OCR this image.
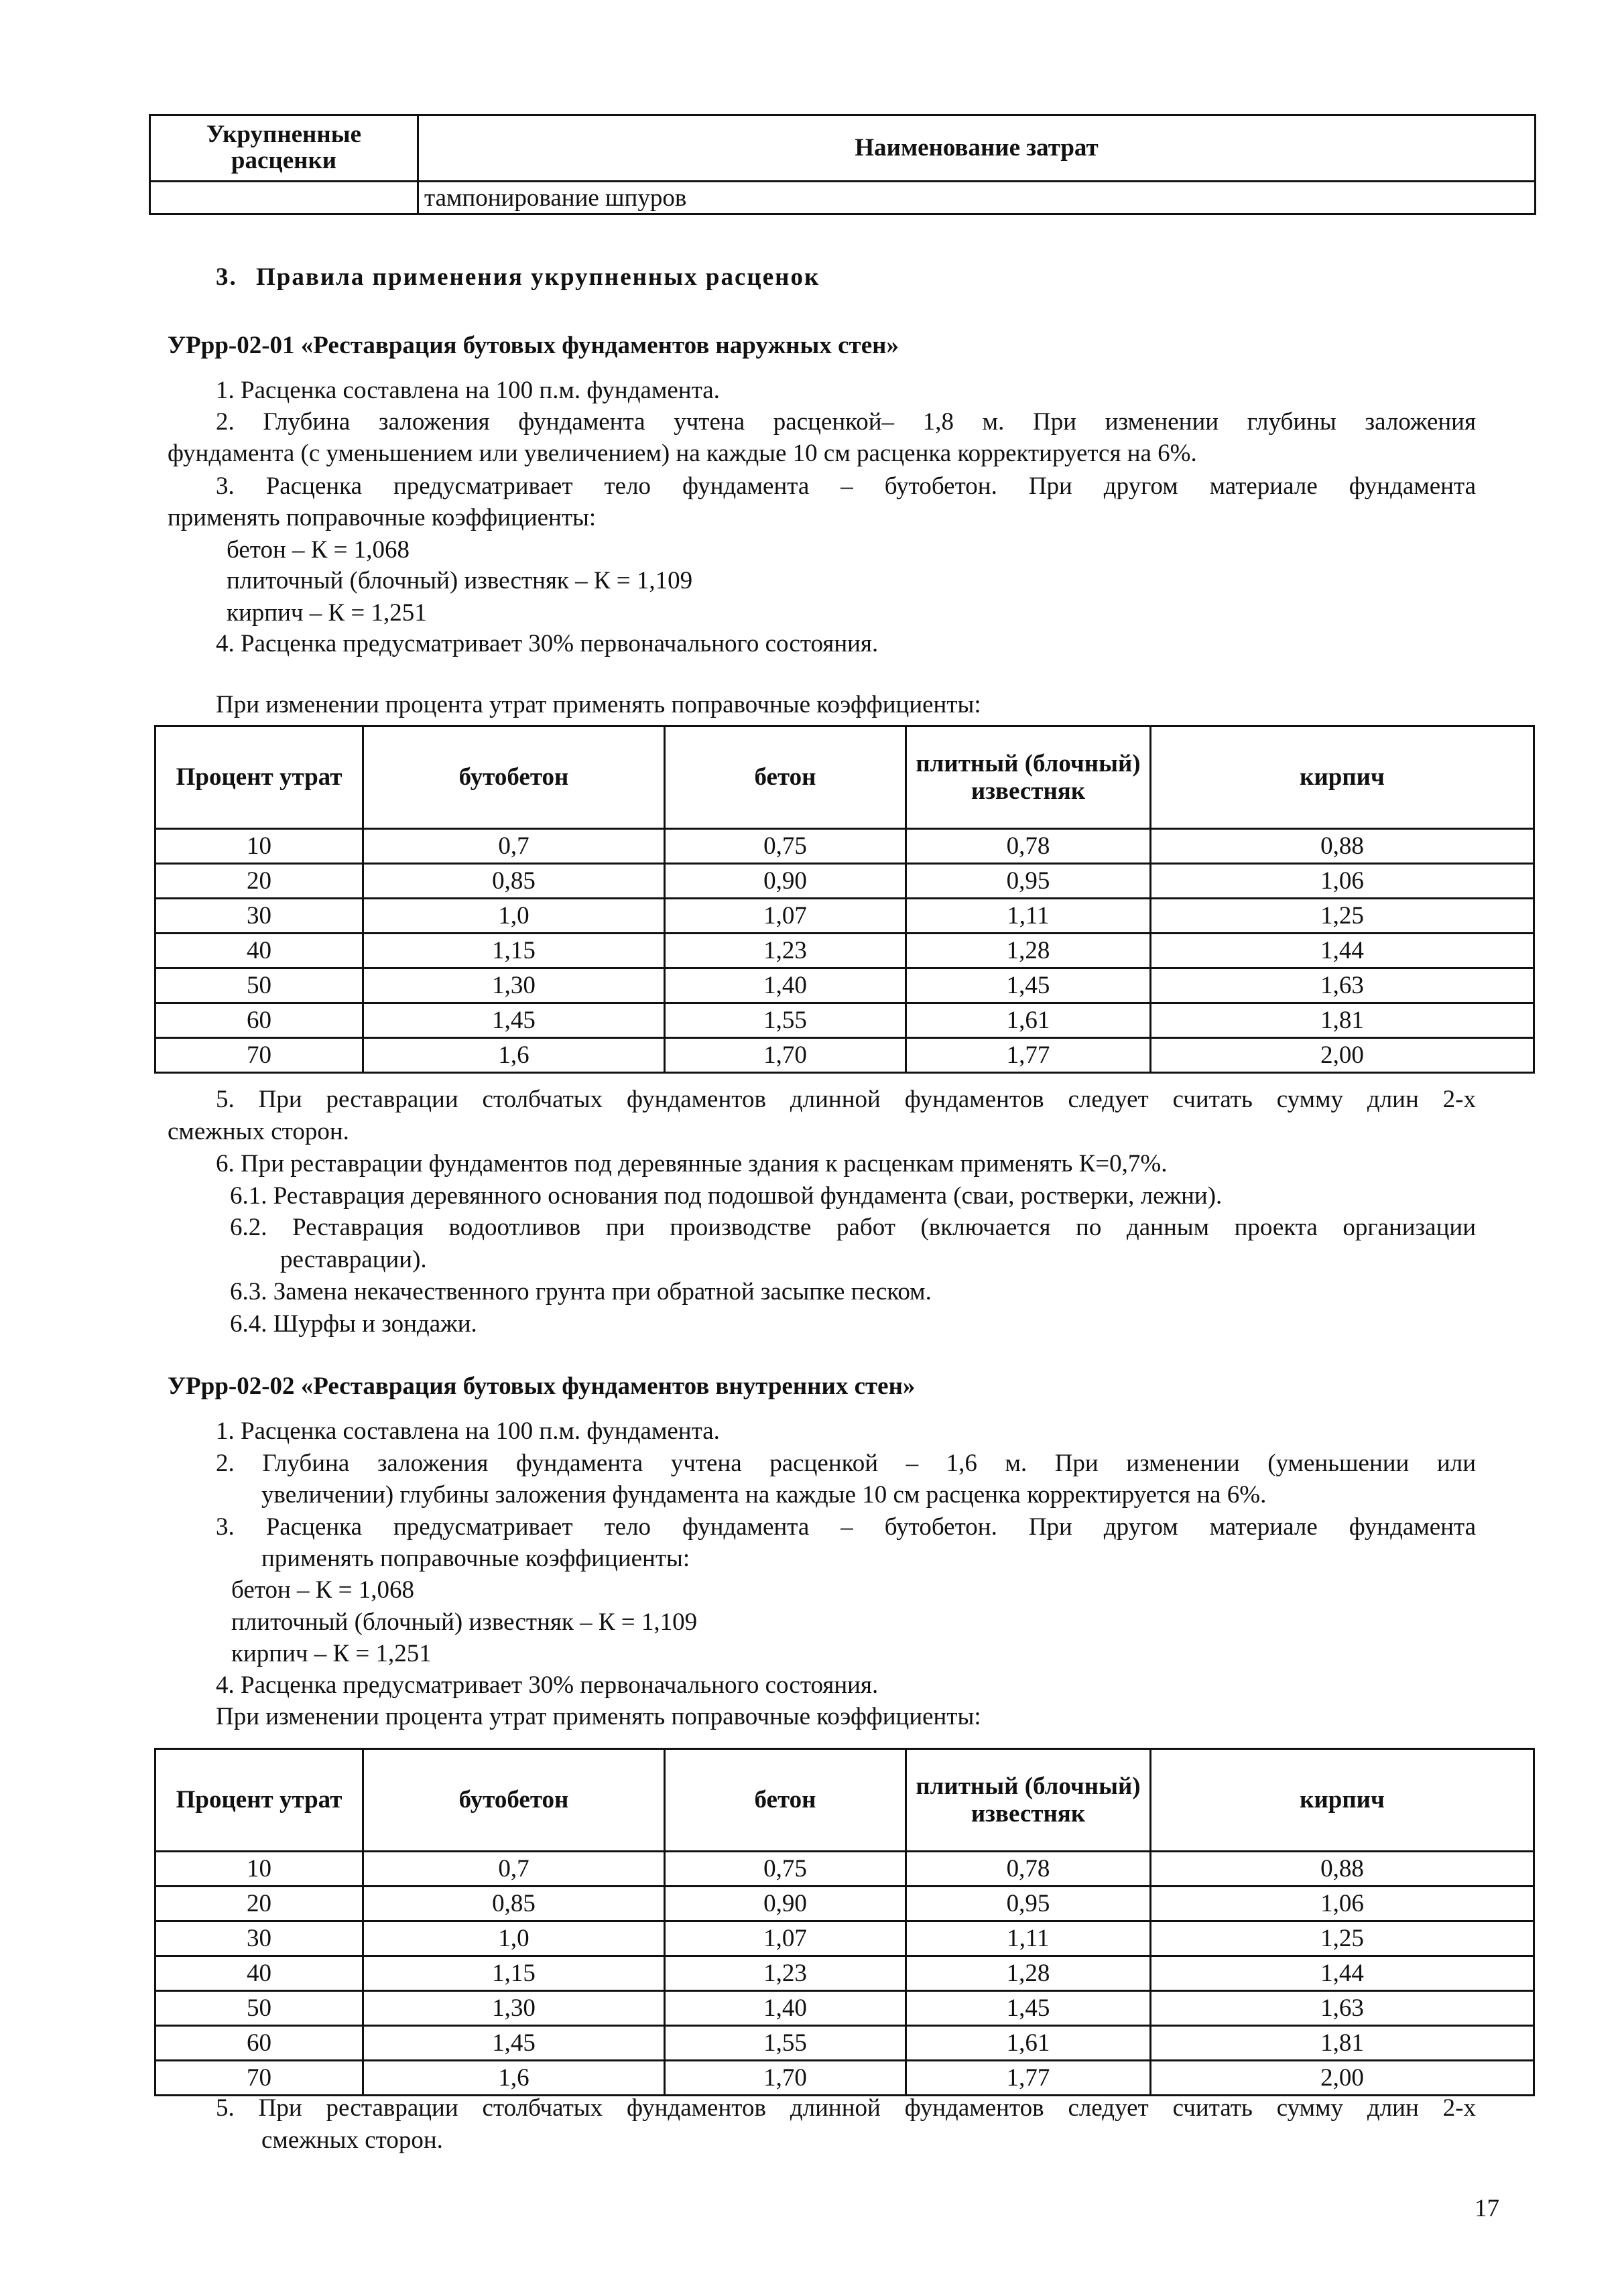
Укрупненные расценки	Наименование затрат
	тампонирование шпуров
3. Правила применения укрупненных расценок
УРрр-02-01 «Реставрация бутовых фундаментов наружных стен»
1. Расценка составлена на 100 п.м. фундамента.
2. Глубина заложения фундамента учтена расценкой– 1,8 м. При изменении глубины заложения
фундамента (с уменьшением или увеличением) на каждые 10 см расценка корректируется на 6%.
3. Расценка предусматривает тело фундамента – бутобетон. При другом материале фундамента
применять поправочные коэффициенты:
бетон – К = 1,068
плиточный (блочный) известняк – К = 1,109
кирпич – К = 1,251
4. Расценка предусматривает 30% первоначального состояния.
При изменении процента утрат применять поправочные коэффициенты:
Процент утрат	бутобетон	бетон	плитный (блочный) известняк	кирпич
10	0,7	0,75	0,78	0,88
20	0,85	0,90	0,95	1,06
30	1,0	1,07	1,11	1,25
40	1,15	1,23	1,28	1,44
50	1,30	1,40	1,45	1,63
60	1,45	1,55	1,61	1,81
70	1,6	1,70	1,77	2,00
5. При реставрации столбчатых фундаментов длинной фундаментов следует считать сумму длин 2-х
смежных сторон.
6. При реставрации фундаментов под деревянные здания к расценкам применять К=0,7%.
6.1. Реставрация деревянного основания под подошвой фундамента (сваи, ростверки, лежни).
6.2. Реставрация водоотливов при производстве работ (включается по данным проекта организации
реставрации).
6.3. Замена некачественного грунта при обратной засыпке песком.
6.4. Шурфы и зондажи.
УРрр-02-02 «Реставрация бутовых фундаментов внутренних стен»
1. Расценка составлена на 100 п.м. фундамента.
2. Глубина заложения фундамента учтена расценкой – 1,6 м. При изменении (уменьшении или
увеличении) глубины заложения фундамента на каждые 10 см расценка корректируется на 6%.
3. Расценка предусматривает тело фундамента – бутобетон. При другом материале фундамента
применять поправочные коэффициенты:
бетон – К = 1,068
плиточный (блочный) известняк – К = 1,109
кирпич – К = 1,251
4. Расценка предусматривает 30% первоначального состояния.
При изменении процента утрат применять поправочные коэффициенты:
Процент утрат	бутобетон	бетон	плитный (блочный) известняк	кирпич
10	0,7	0,75	0,78	0,88
20	0,85	0,90	0,95	1,06
30	1,0	1,07	1,11	1,25
40	1,15	1,23	1,28	1,44
50	1,30	1,40	1,45	1,63
60	1,45	1,55	1,61	1,81
70	1,6	1,70	1,77	2,00
5. При реставрации столбчатых фундаментов длинной фундаментов следует считать сумму длин 2-х
смежных сторон.
17
